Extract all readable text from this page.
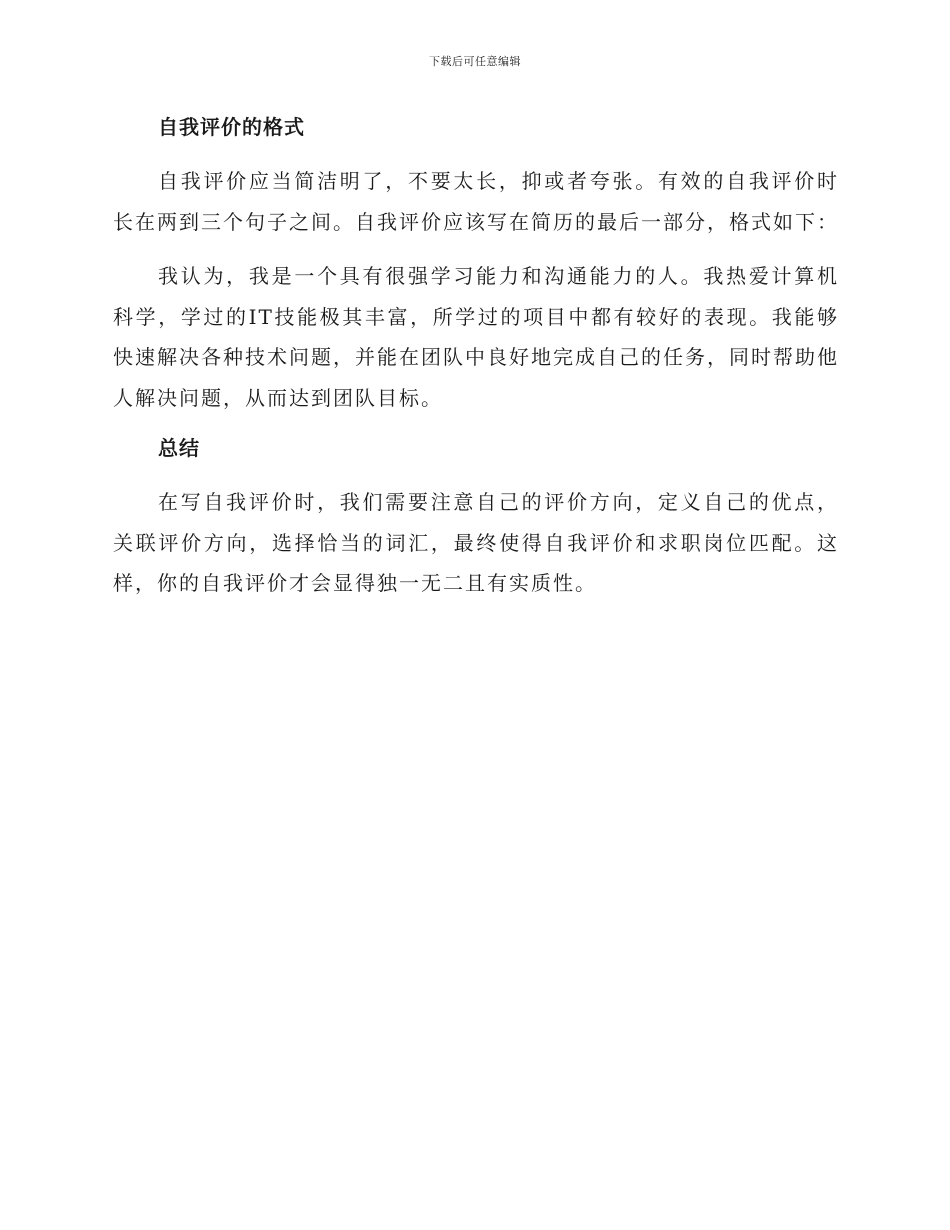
下载后可任意编辑
自我评价的格式

自我评价应当简洁明了，不要太长，抑或者夸张。有效的自我评价时长在两到三个句子之间。自我评价应该写在简历的最后一部分，格式如下：

我认为，我是一个具有很强学习能力和沟通能力的人。我热爱计算机科学，学过的IT技能极其丰富，所学过的项目中都有较好的表现。我能够快速解决各种技术问题，并能在团队中良好地完成自己的任务，同时帮助他人解决问题，从而达到团队目标。

总结

在写自我评价时，我们需要注意自己的评价方向，定义自己的优点，关联评价方向，选择恰当的词汇，最终使得自我评价和求职岗位匹配。这样，你的自我评价才会显得独一无二且有实质性。
